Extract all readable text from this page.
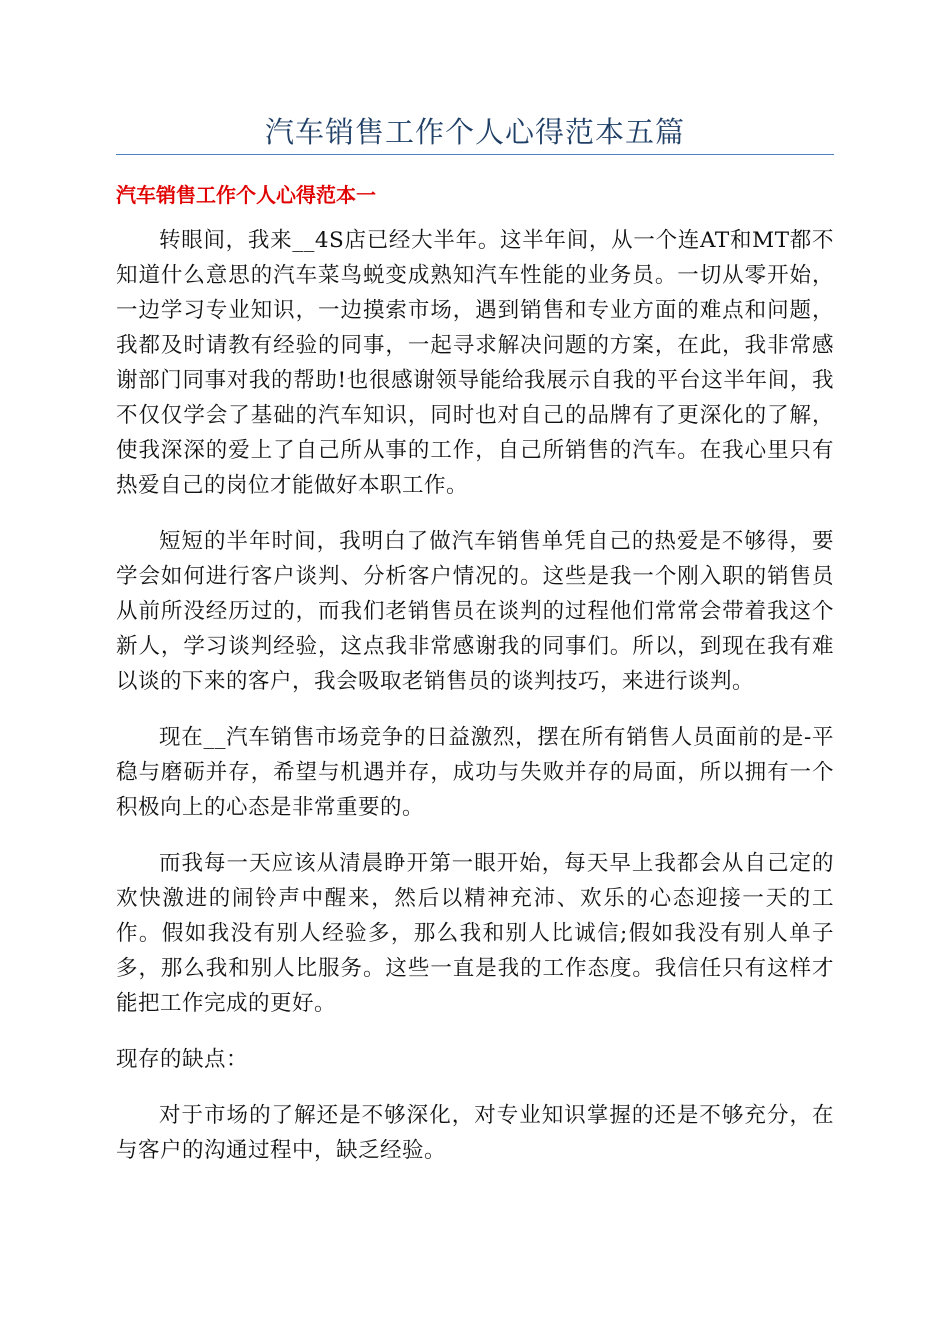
汽车销售工作个人心得范本五篇
汽车销售工作个人心得范本一

转眼间，我来__4S店已经大半年。这半年间，从一个连AT和MT都不知道什么意思的汽车菜鸟蜕变成熟知汽车性能的业务员。一切从零开始，一边学习专业知识，一边摸索市场，遇到销售和专业方面的难点和问题，我都及时请教有经验的同事，一起寻求解决问题的方案，在此，我非常感谢部门同事对我的帮助!也很感谢领导能给我展示自我的平台这半年间，我不仅仅学会了基础的汽车知识，同时也对自己的品牌有了更深化的了解，使我深深的爱上了自己所从事的工作，自己所销售的汽车。在我心里只有热爱自己的岗位才能做好本职工作。

短短的半年时间，我明白了做汽车销售单凭自己的热爱是不够得，要学会如何进行客户谈判、分析客户情况的。这些是我一个刚入职的销售员从前所没经历过的，而我们老销售员在谈判的过程他们常常会带着我这个新人，学习谈判经验，这点我非常感谢我的同事们。所以，到现在我有难以谈的下来的客户，我会吸取老销售员的谈判技巧，来进行谈判。

现在__汽车销售市场竞争的日益激烈，摆在所有销售人员面前的是-平稳与磨砺并存，希望与机遇并存，成功与失败并存的局面，所以拥有一个积极向上的心态是非常重要的。

而我每一天应该从清晨睁开第一眼开始，每天早上我都会从自己定的欢快激进的闹铃声中醒来，然后以精神充沛、欢乐的心态迎接一天的工作。假如我没有别人经验多，那么我和别人比诚信;假如我没有别人单子多，那么我和别人比服务。这些一直是我的工作态度。我信任只有这样才能把工作完成的更好。

现存的缺点：

对于市场的了解还是不够深化，对专业知识掌握的还是不够充分，在与客户的沟通过程中，缺乏经验。
